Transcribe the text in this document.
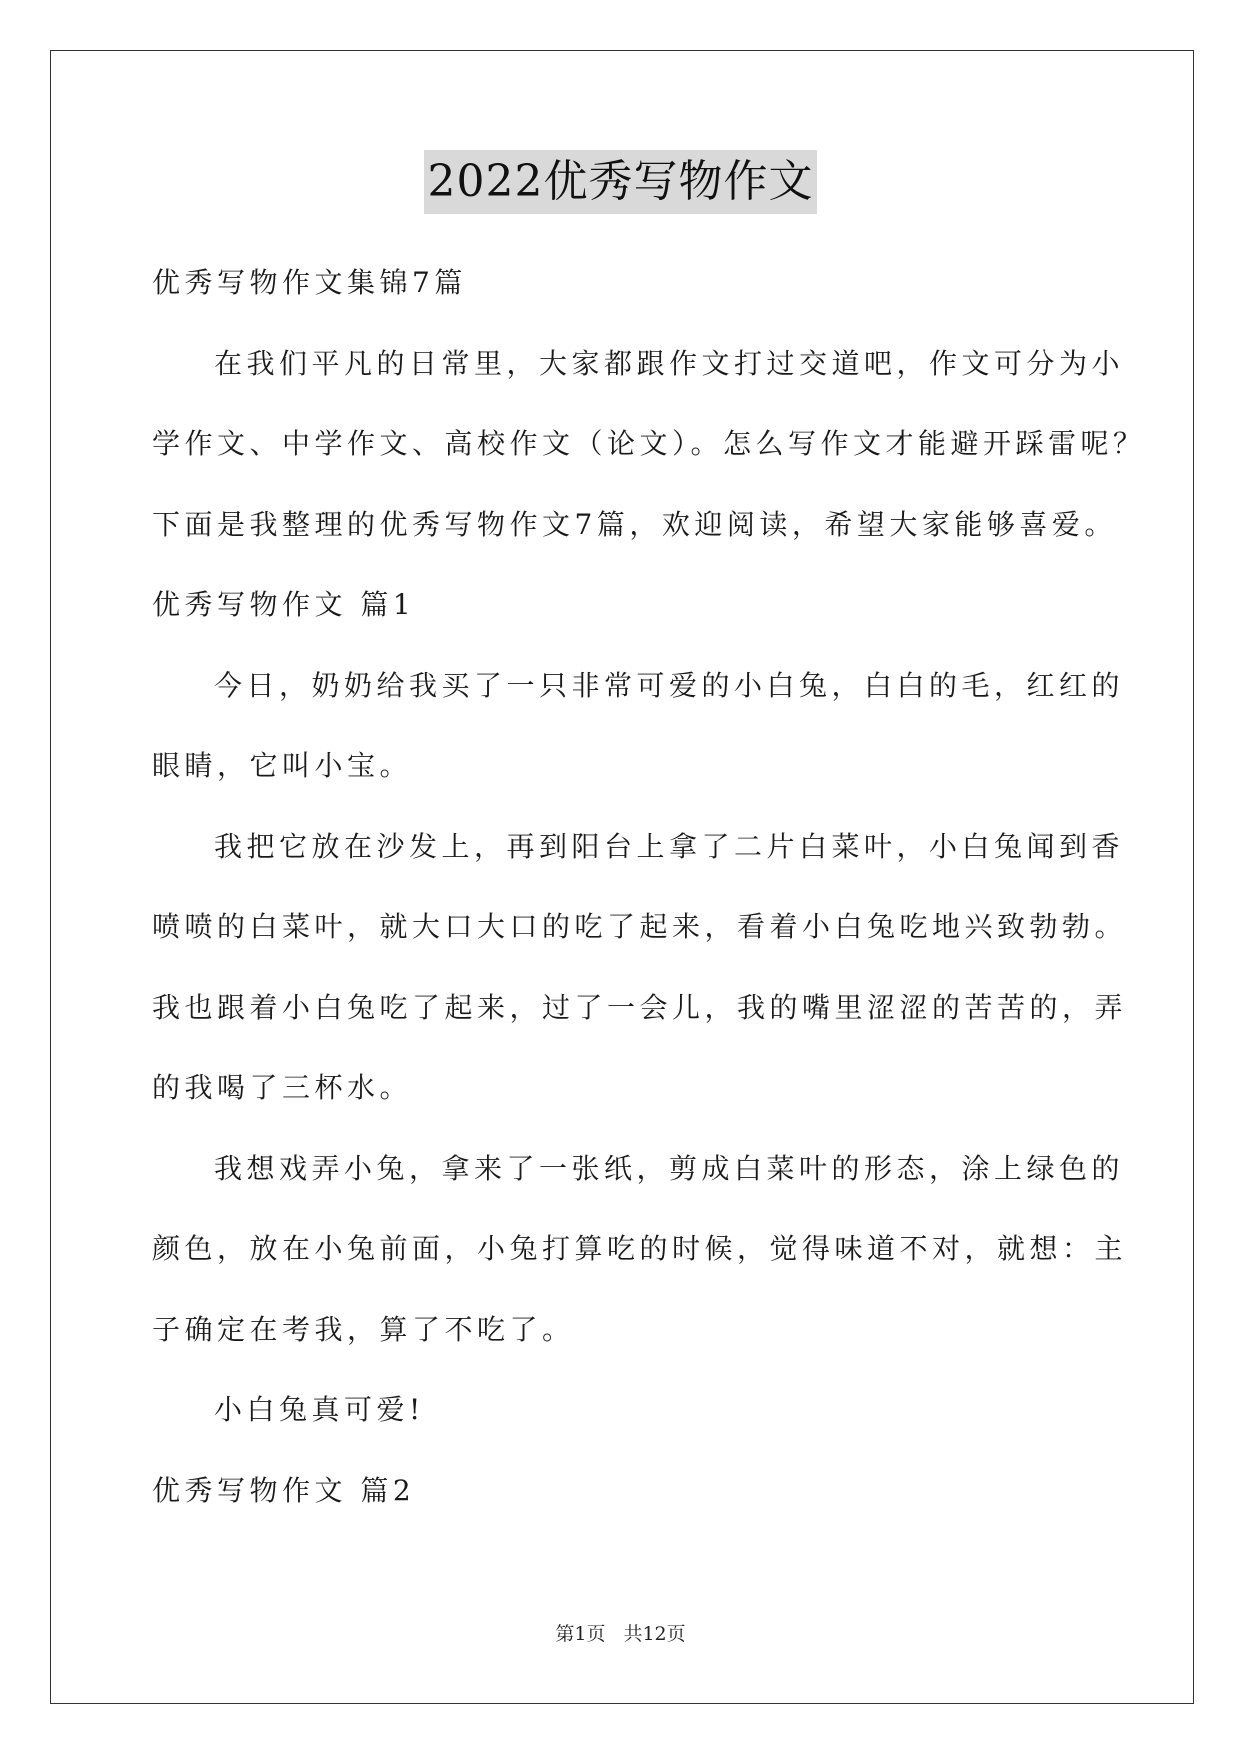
2022优秀写物作文
优秀写物作文集锦7篇
在我们平凡的日常里，大家都跟作文打过交道吧，作文可分为小
学作文、中学作文、高校作文（论文）。怎么写作文才能避开踩雷呢？
下面是我整理的优秀写物作文7篇，欢迎阅读，希望大家能够喜爱。
优秀写物作文 篇1
今日，奶奶给我买了一只非常可爱的小白兔，白白的毛，红红的
眼睛，它叫小宝。
我把它放在沙发上，再到阳台上拿了二片白菜叶，小白兔闻到香
喷喷的白菜叶，就大口大口的吃了起来，看着小白兔吃地兴致勃勃。
我也跟着小白兔吃了起来，过了一会儿，我的嘴里涩涩的苦苦的，弄
的我喝了三杯水。
我想戏弄小兔，拿来了一张纸，剪成白菜叶的形态，涂上绿色的
颜色，放在小兔前面，小兔打算吃的时候，觉得味道不对，就想：主
子确定在考我，算了不吃了。
小白兔真可爱!
优秀写物作文 篇2
第1页 共12页
